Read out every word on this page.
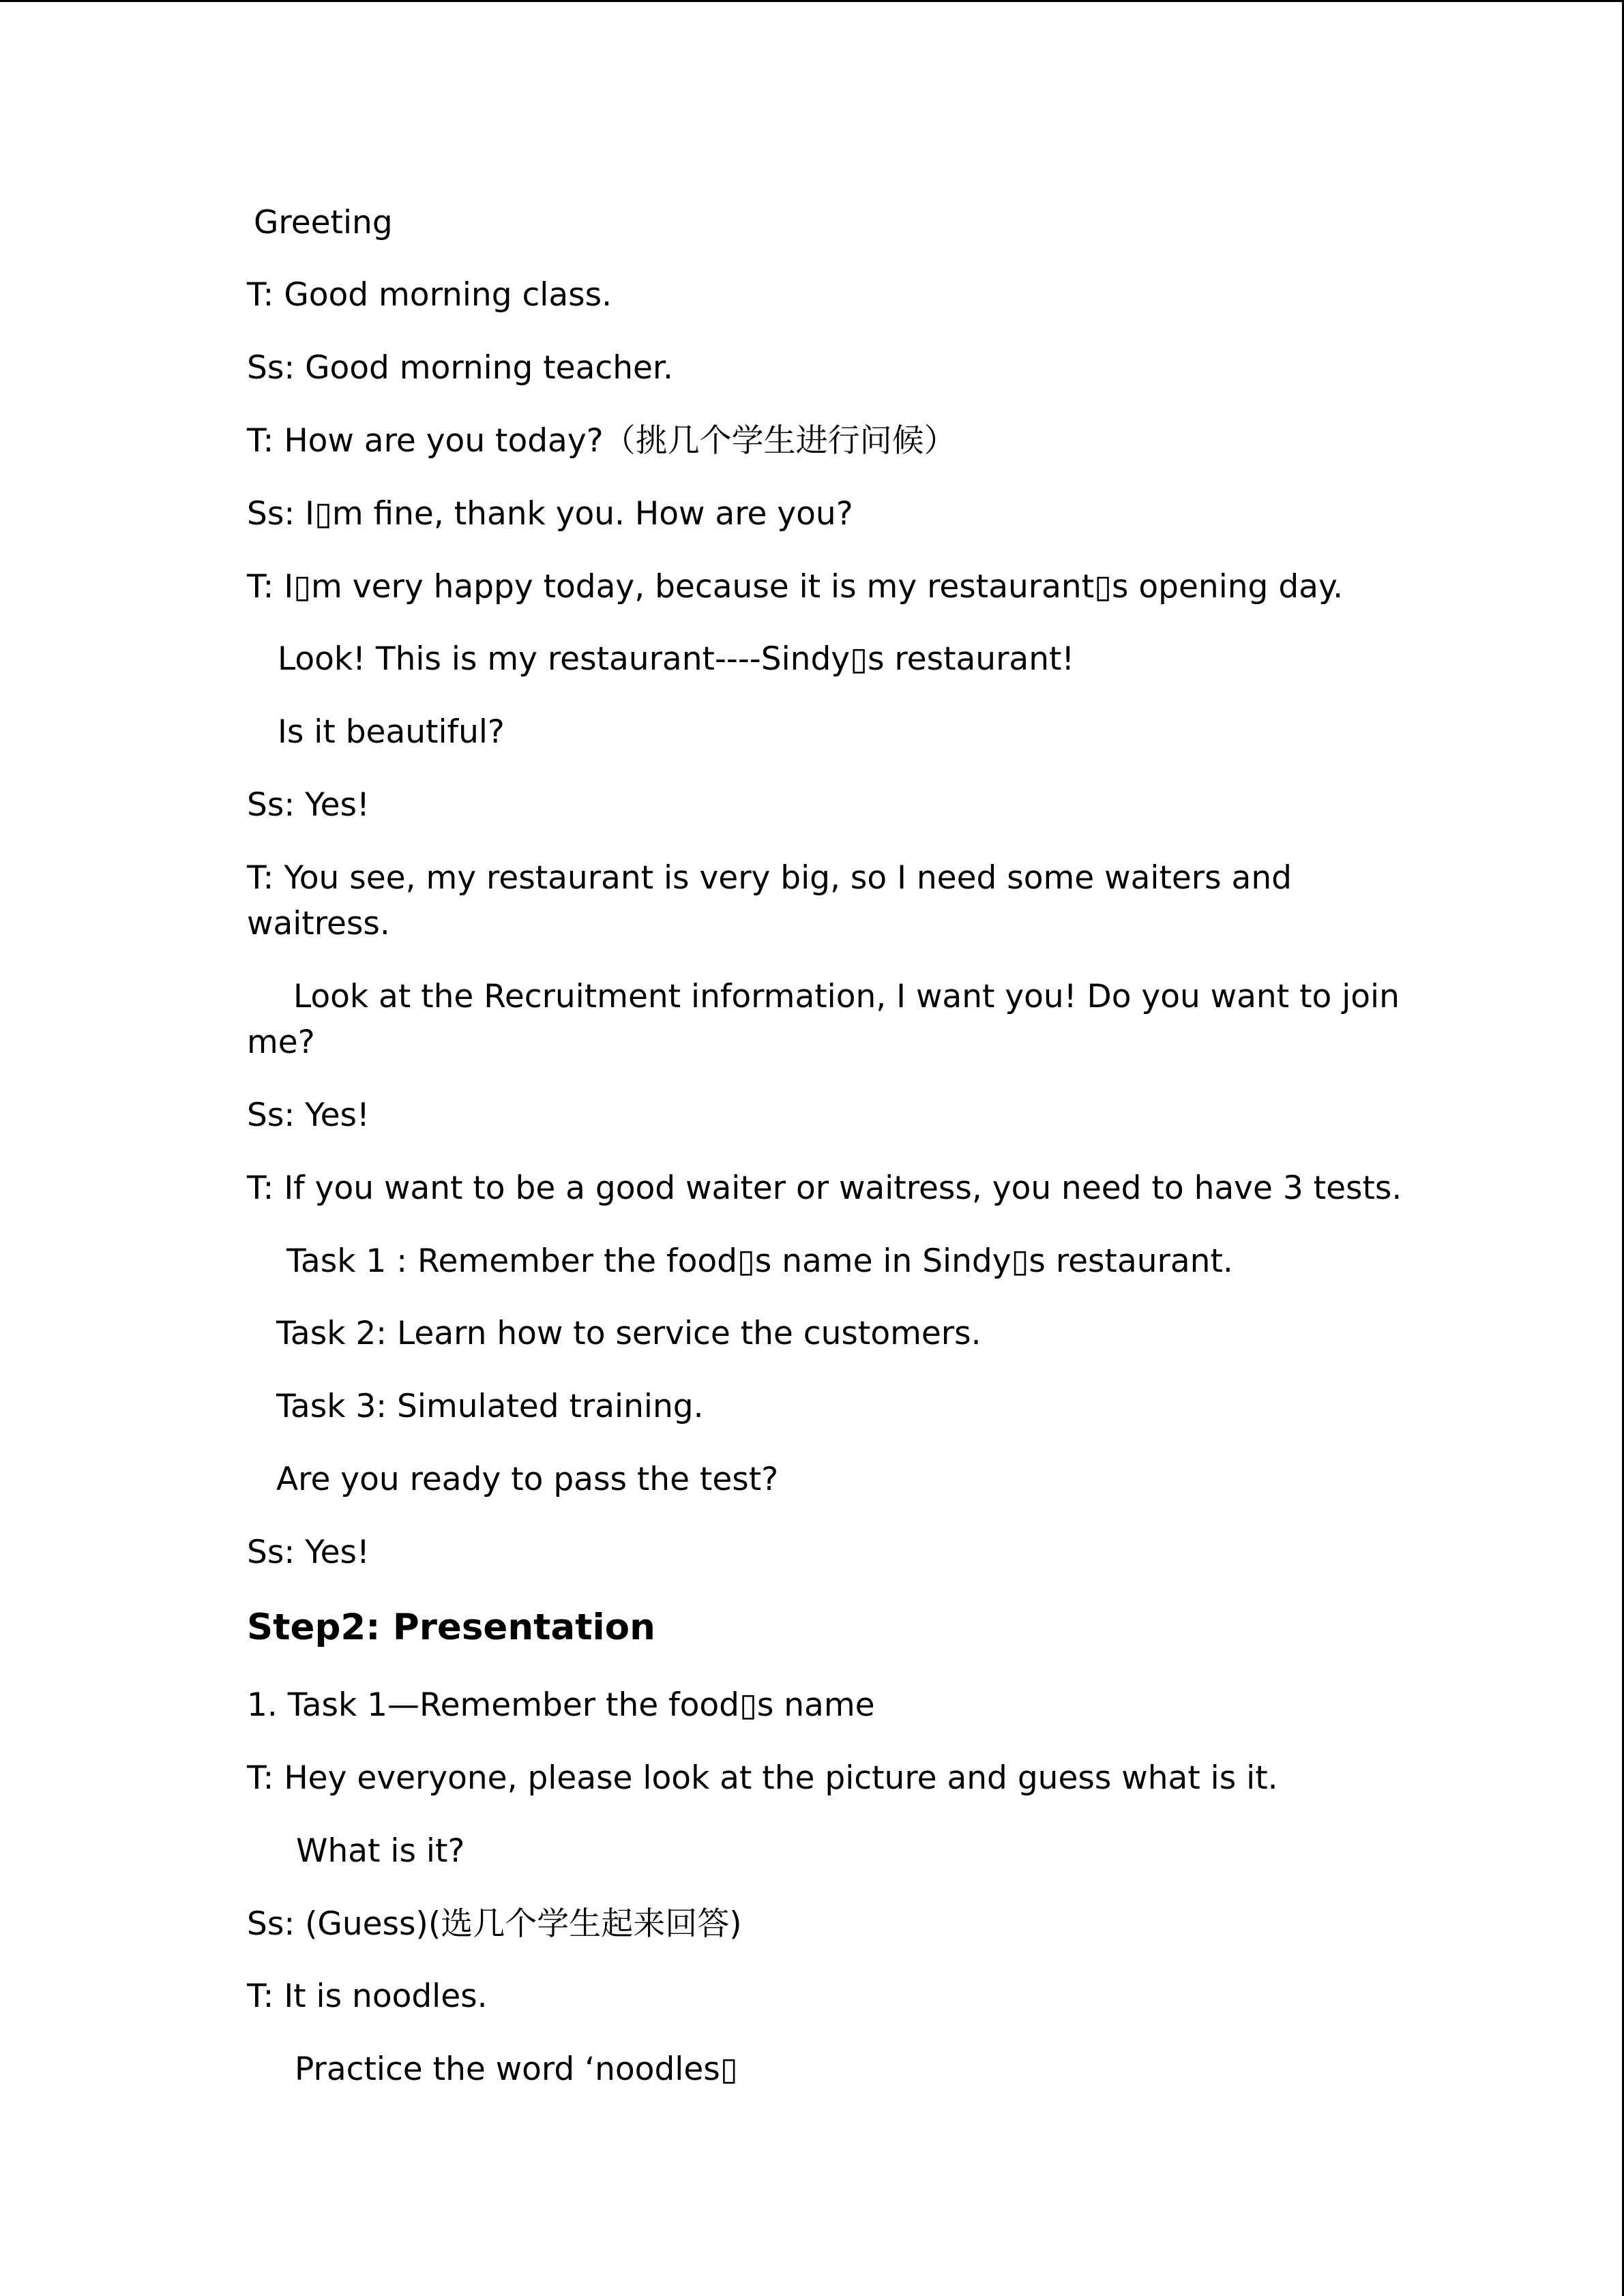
Greeting

T: Good morning class.

Ss: Good morning teacher.

T: How are you today?（挑几个学生进行问候）

Ss: I▯m fine, thank you. How are you?

T: I▯m very happy today, because it is my restaurant▯s opening day.

Look! This is my restaurant----Sindy▯s restaurant!

Is it beautiful?

Ss: Yes!

T: You see, my restaurant is very big, so I need some waiters and waitress.

Look at the Recruitment information, I want you! Do you want to join me?

Ss: Yes!

T: If you want to be a good waiter or waitress, you need to have 3 tests.

Task 1 : Remember the food▯s name in Sindy▯s restaurant.

Task 2: Learn how to service the customers.

Task 3: Simulated training.

Are you ready to pass the test?

Ss: Yes!

Step2: Presentation

1. Task 1—Remember the food▯s name

T: Hey everyone, please look at the picture and guess what is it.

What is it?

Ss: (Guess)(选几个学生起来回答)

T: It is noodles.

Practice the word ‘noodles▯
